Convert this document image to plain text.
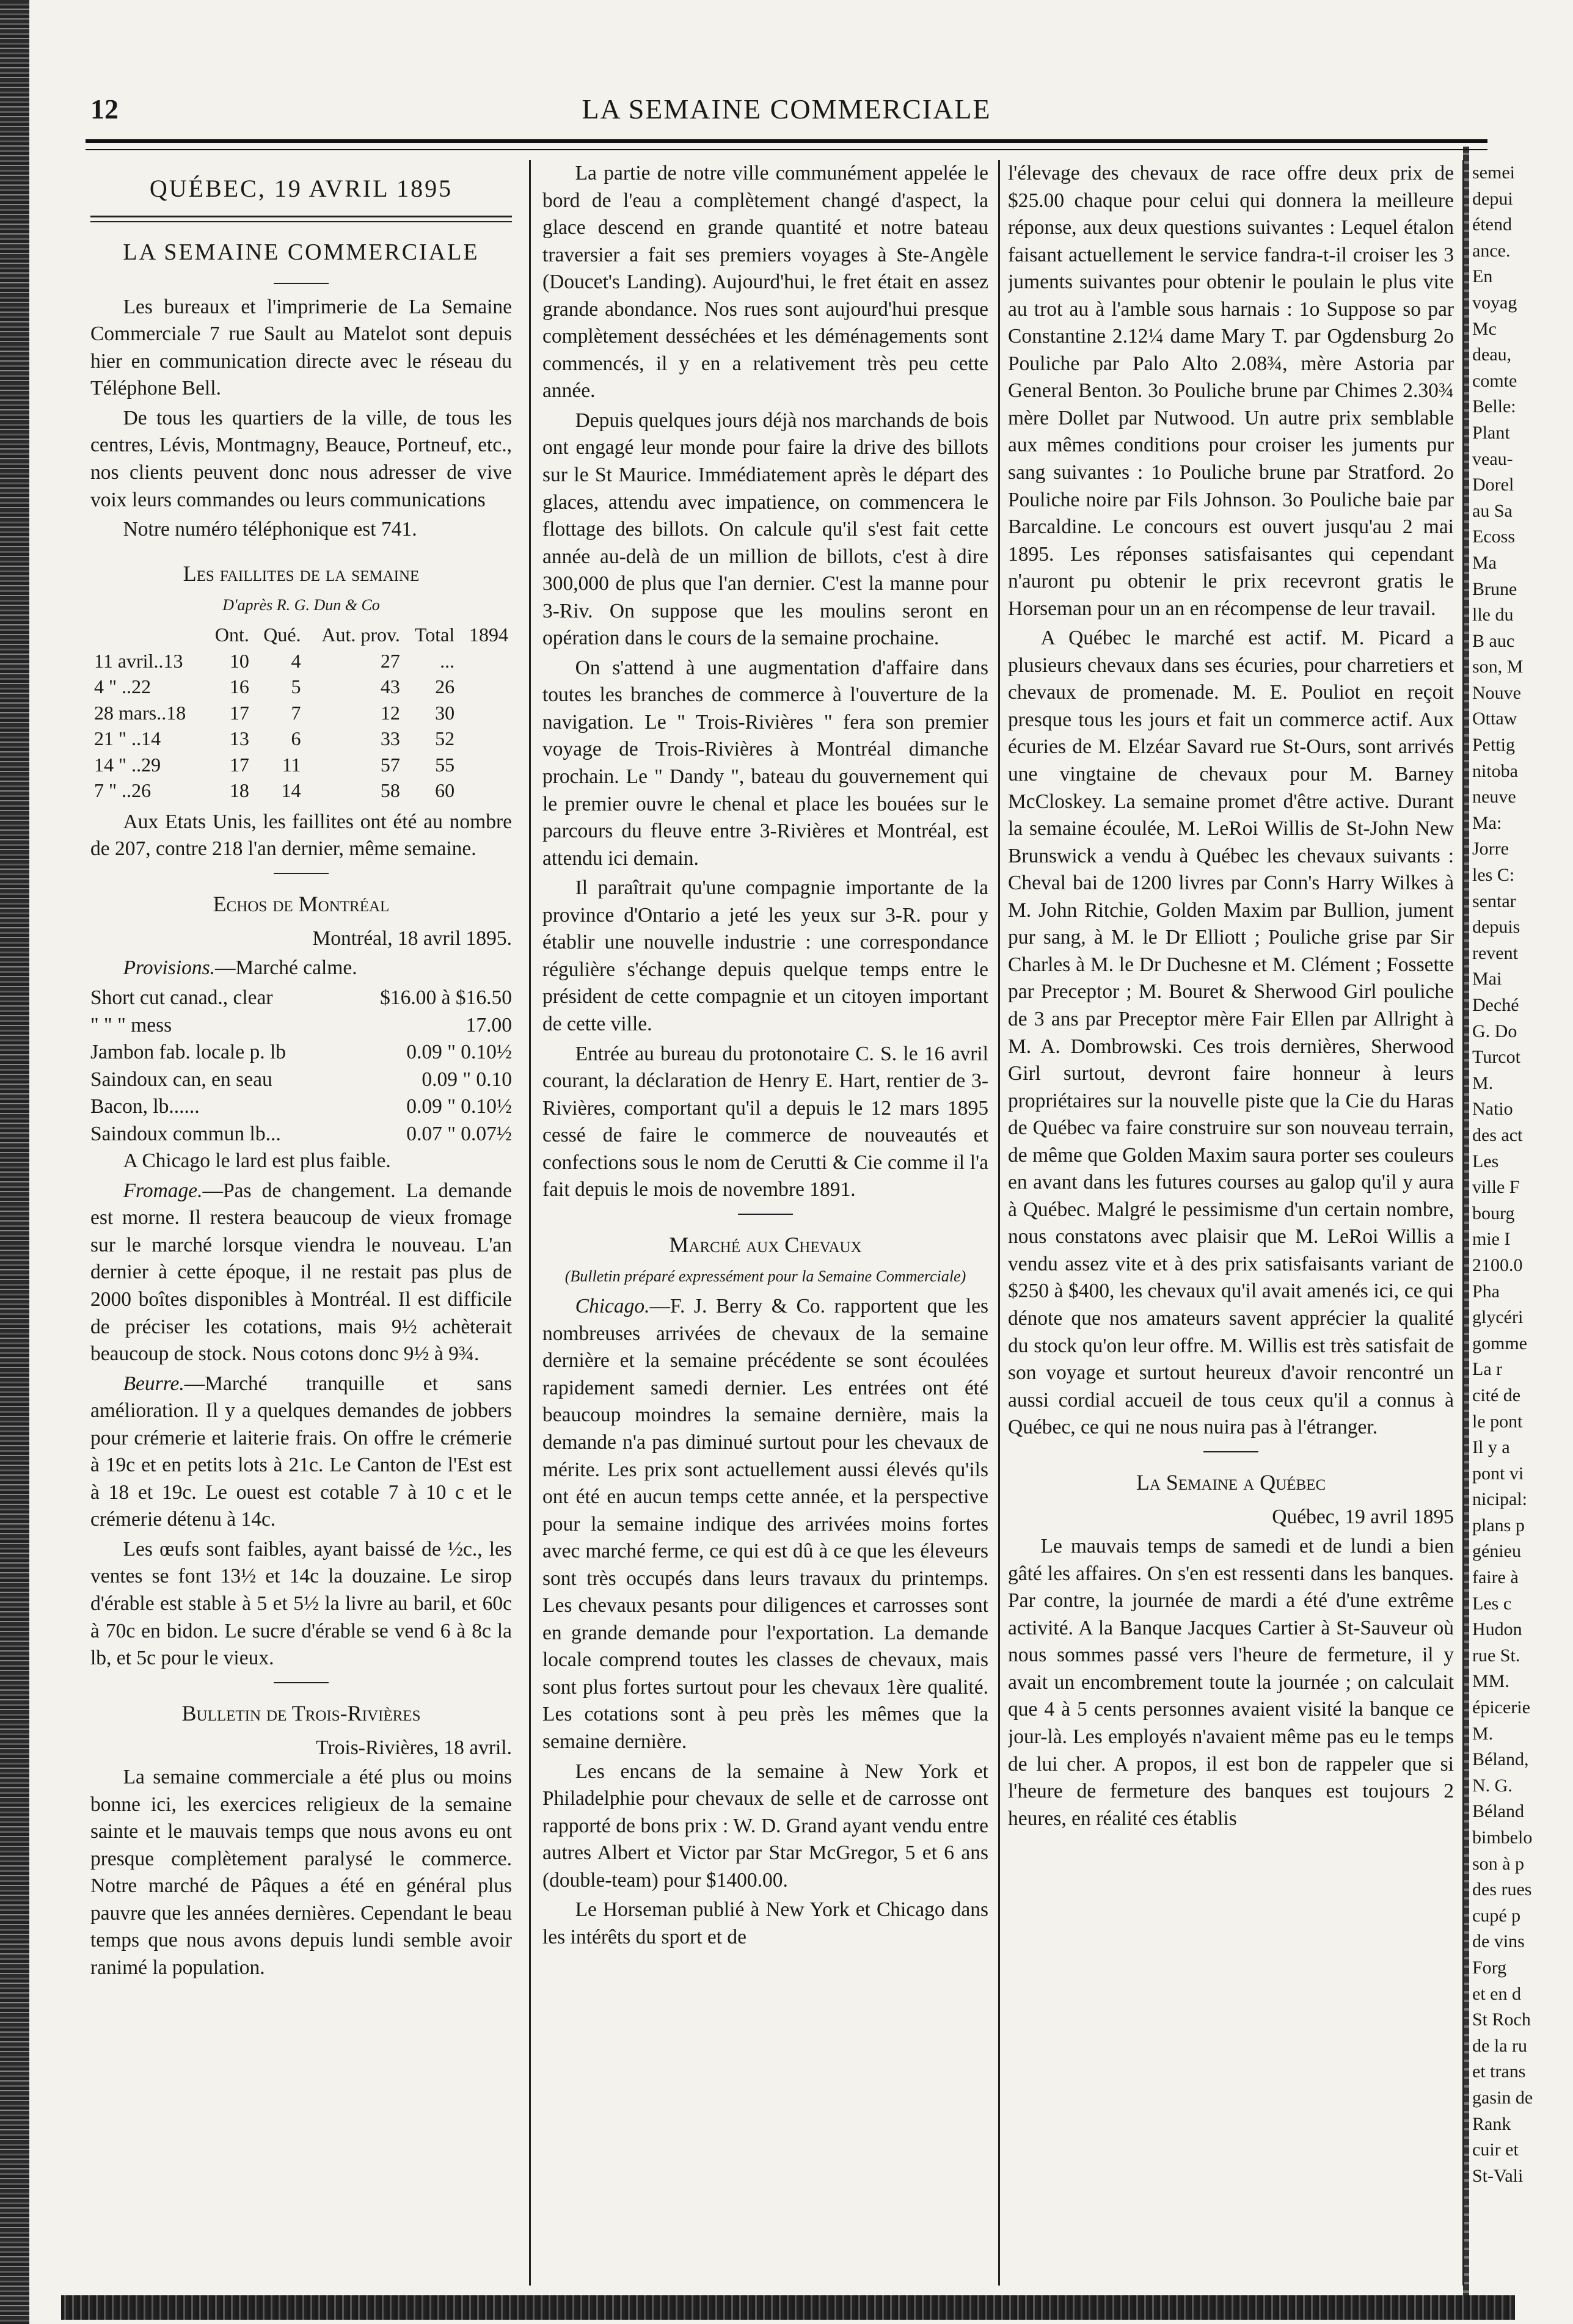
12	LA SEMAINE COMMERCIALE
QUÉBEC, 19 AVRIL 1895
LA SEMAINE COMMERCIALE

Les bureaux et l'imprimerie de La Semaine Commerciale 7 rue Sault au Matelot sont depuis hier en communication directe avec le réseau du Téléphone Bell.

De tous les quartiers de la ville, de tous les centres, Lévis, Montmagny, Beauce, Portneuf, etc., nos clients peuvent donc nous adresser de vive voix leurs commandes ou leurs communications

Notre numéro téléphonique est 741.

Les faillites de la semaine
D'après R. G. Dun & Co
	Ont.	Qué.	Aut. prov.	Total	1894
11 avril..13	10	4	27	...	
4 " ..22	16	5	43	26	
28 mars..18	17	7	12	30	
21 " ..14	13	6	33	52	
14 " ..29	17	11	57	55	
7 " ..26	18	14	58	60	

Aux Etats Unis, les faillites ont été au nombre de 207, contre 218 l'an dernier, même semaine.

Echos de Montréal

Montréal, 18 avril 1895.

Provisions.—Marché calme.

Short cut canad., clear	$16.00 à $16.50
" " " mess	17.00
Jambon fab. locale p. lb	0.09 " 0.10½
Saindoux can, en seau	0.09 " 0.10
Bacon, lb......	0.09 " 0.10½
Saindoux commun lb...	0.07 " 0.07½

A Chicago le lard est plus faible.

Fromage.—Pas de changement. La demande est morne. Il restera beaucoup de vieux fromage sur le marché lorsque viendra le nouveau. L'an dernier à cette époque, il ne restait pas plus de 2000 boîtes disponibles à Montréal. Il est difficile de préciser les cotations, mais 9½ achèterait beaucoup de stock. Nous cotons donc 9½ à 9¾.

Beurre.—Marché tranquille et sans amélioration. Il y a quelques demandes de jobbers pour crémerie et laiterie frais. On offre le crémerie à 19c et en petits lots à 21c. Le Canton de l'Est est à 18 et 19c. Le ouest est cotable 7 à 10 c et le crémerie détenu à 14c.

Les œufs sont faibles, ayant baissé de ½c., les ventes se font 13½ et 14c la douzaine. Le sirop d'érable est stable à 5 et 5½ la livre au baril, et 60c à 70c en bidon. Le sucre d'érable se vend 6 à 8c la lb, et 5c pour le vieux.

Bulletin de Trois-Rivières

Trois-Rivières, 18 avril.

La semaine commerciale a été plus ou moins bonne ici, les exercices religieux de la semaine sainte et le mauvais temps que nous avons eu ont presque complètement paralysé le commerce. Notre marché de Pâques a été en général plus pauvre que les années dernières. Cependant le beau temps que nous avons depuis lundi semble avoir ranimé la population.

La partie de notre ville communément appelée le bord de l'eau a complètement changé d'aspect, la glace descend en grande quantité et notre bateau traversier a fait ses premiers voyages à Ste-Angèle (Doucet's Landing). Aujourd'hui, le fret était en assez grande abondance. Nos rues sont aujourd'hui presque complètement desséchées et les déménagements sont commencés, il y en a relativement très peu cette année.

Depuis quelques jours déjà nos marchands de bois ont engagé leur monde pour faire la drive des billots sur le St Maurice. Immédiatement après le départ des glaces, attendu avec impatience, on commencera le flottage des billots. On calcule qu'il s'est fait cette année au-delà de un million de billots, c'est à dire 300,000 de plus que l'an dernier. C'est la manne pour 3-Riv. On suppose que les moulins seront en opération dans le cours de la semaine prochaine.

On s'attend à une augmentation d'affaire dans toutes les branches de commerce à l'ouverture de la navigation. Le " Trois-Rivières " fera son premier voyage de Trois-Rivières à Montréal dimanche prochain. Le " Dandy ", bateau du gouvernement qui le premier ouvre le chenal et place les bouées sur le parcours du fleuve entre 3-Rivières et Montréal, est attendu ici demain.

Il paraîtrait qu'une compagnie importante de la province d'Ontario a jeté les yeux sur 3-R. pour y établir une nouvelle industrie : une correspondance régulière s'échange depuis quelque temps entre le président de cette compagnie et un citoyen important de cette ville.

Entrée au bureau du protonotaire C. S. le 16 avril courant, la déclaration de Henry E. Hart, rentier de 3-Rivières, comportant qu'il a depuis le 12 mars 1895 cessé de faire le commerce de nouveautés et confections sous le nom de Cerutti & Cie comme il l'a fait depuis le mois de novembre 1891.

Marché aux Chevaux
(Bulletin préparé expressément pour la Semaine Commerciale)

Chicago.—F. J. Berry & Co. rapportent que les nombreuses arrivées de chevaux de la semaine dernière et la semaine précédente se sont écoulées rapidement samedi dernier. Les entrées ont été beaucoup moindres la semaine dernière, mais la demande n'a pas diminué surtout pour les chevaux de mérite. Les prix sont actuellement aussi élevés qu'ils ont été en aucun temps cette année, et la perspective pour la semaine indique des arrivées moins fortes avec marché ferme, ce qui est dû à ce que les éleveurs sont très occupés dans leurs travaux du printemps. Les chevaux pesants pour diligences et carrosses sont en grande demande pour l'exportation. La demande locale comprend toutes les classes de chevaux, mais sont plus fortes surtout pour les chevaux 1ère qualité. Les cotations sont à peu près les mêmes que la semaine dernière.

Les encans de la semaine à New York et Philadelphie pour chevaux de selle et de carrosse ont rapporté de bons prix : W. D. Grand ayant vendu entre autres Albert et Victor par Star McGregor, 5 et 6 ans (double-team) pour $1400.00.

Le Horseman publié à New York et Chicago dans les intérêts du sport et de

l'élevage des chevaux de race offre deux prix de $25.00 chaque pour celui qui donnera la meilleure réponse, aux deux questions suivantes : Lequel étalon faisant actuellement le service fandra-t-il croiser les 3 juments suivantes pour obtenir le poulain le plus vite au trot au à l'amble sous harnais : 1o Suppose so par Constantine 2.12¼ dame Mary T. par Ogdensburg 2o Pouliche par Palo Alto 2.08¾, mère Astoria par General Benton. 3o Pouliche brune par Chimes 2.30¾ mère Dollet par Nutwood. Un autre prix semblable aux mêmes conditions pour croiser les juments pur sang suivantes : 1o Pouliche brune par Stratford. 2o Pouliche noire par Fils Johnson. 3o Pouliche baie par Barcaldine. Le concours est ouvert jusqu'au 2 mai 1895. Les réponses satisfaisantes qui cependant n'auront pu obtenir le prix recevront gratis le Horseman pour un an en récompense de leur travail.

A Québec le marché est actif. M. Picard a plusieurs chevaux dans ses écuries, pour charretiers et chevaux de promenade. M. E. Pouliot en reçoit presque tous les jours et fait un commerce actif. Aux écuries de M. Elzéar Savard rue St-Ours, sont arrivés une vingtaine de chevaux pour M. Barney McCloskey. La semaine promet d'être active. Durant la semaine écoulée, M. LeRoi Willis de St-John New Brunswick a vendu à Québec les chevaux suivants : Cheval bai de 1200 livres par Conn's Harry Wilkes à M. John Ritchie, Golden Maxim par Bullion, jument pur sang, à M. le Dr Elliott ; Pouliche grise par Sir Charles à M. le Dr Duchesne et M. Clément ; Fossette par Preceptor ; M. Bouret & Sherwood Girl pouliche de 3 ans par Preceptor mère Fair Ellen par Allright à M. A. Dombrowski. Ces trois dernières, Sherwood Girl surtout, devront faire honneur à leurs propriétaires sur la nouvelle piste que la Cie du Haras de Québec va faire construire sur son nouveau terrain, de même que Golden Maxim saura porter ses couleurs en avant dans les futures courses au galop qu'il y aura à Québec. Malgré le pessimisme d'un certain nombre, nous constatons avec plaisir que M. LeRoi Willis a vendu assez vite et à des prix satisfaisants variant de $250 à $400, les chevaux qu'il avait amenés ici, ce qui dénote que nos amateurs savent apprécier la qualité du stock qu'on leur offre. M. Willis est très satisfait de son voyage et surtout heureux d'avoir rencontré un aussi cordial accueil de tous ceux qu'il a connus à Québec, ce qui ne nous nuira pas à l'étranger.

La Semaine a Québec

Québec, 19 avril 1895

Le mauvais temps de samedi et de lundi a bien gâté les affaires. On s'en est ressenti dans les banques. Par contre, la journée de mardi a été d'une extrême activité. A la Banque Jacques Cartier à St-Sauveur où nous sommes passé vers l'heure de fermeture, il y avait un encombrement toute la journée ; on calculait que 4 à 5 cents personnes avaient visité la banque ce jour-là. Les employés n'avaient même pas eu le temps de lui cher. A propos, il est bon de rappeler que si l'heure de fermeture des banques est toujours 2 heures, en réalité ces établis

semei
depui
étend
ance.
En
voyag
Mc
deau,
comte
Belle:
Plant
veau-
Dorel
au Sa
Ecoss
Ma
Brune
lle du
B auc
son, M
Nouve
Ottaw
Pettig
nitoba
neuve
Ma:
Jorre
les C:
sentar
depuis
revent
Mai
Deché
G. Do
Turcot
M.
Natio
des act
Les
ville F
bourg
mie I
2100.0
Pha
glycéri
gomme
La r
cité de
le pont
Il y a
pont vi
nicipal:
plans p
génieu
faire à
Les c
Hudon
rue St.
MM.
épicerie
M.
Béland,
N. G.
Béland
bimbelo
son à p
des rues
cupé p
de vins
Forg
et en d
St Roch
de la ru
et trans
gasin de
Rank
cuir et
St-Vali
